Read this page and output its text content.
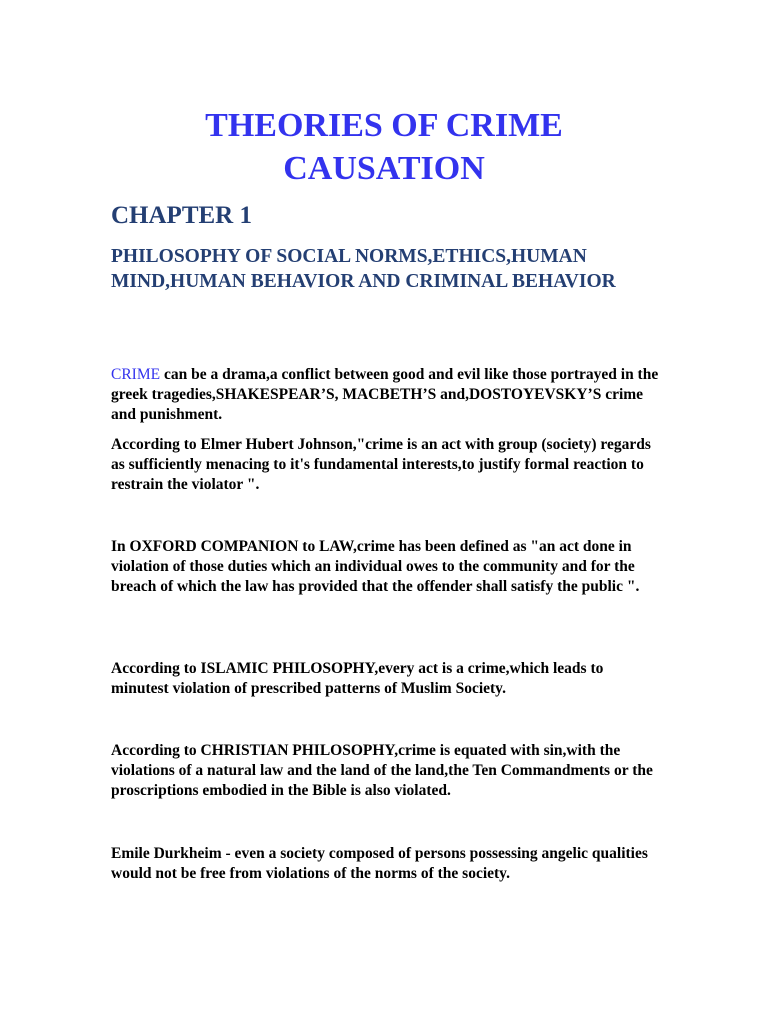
THEORIES OF CRIME CAUSATION
CHAPTER 1
PHILOSOPHY OF SOCIAL NORMS,ETHICS,HUMAN MIND,HUMAN BEHAVIOR AND CRIMINAL BEHAVIOR

CRIME can be a drama,a conflict between good and evil like those portrayed in the greek tragedies,SHAKESPEAR’S, MACBETH’S and,DOSTOYEVSKY’S crime and punishment.

According to Elmer Hubert Johnson,"crime is an act with group (society) regards as sufficiently menacing to it's fundamental interests,to justify formal reaction to restrain the violator ".

In OXFORD COMPANION to LAW,crime has been defined as "an act done in violation of those duties which an individual owes to the community and for the breach of which the law has provided that the offender shall satisfy the public ".

According to ISLAMIC PHILOSOPHY,every act is a crime,which leads to minutest violation of prescribed patterns of Muslim Society.

According to CHRISTIAN PHILOSOPHY,crime is equated with sin,with the violations of a natural law and the land of the land,the Ten Commandments or the proscriptions embodied in the Bible is also violated.

Emile Durkheim - even a society composed of persons possessing angelic qualities would not be free from violations of the norms of the society.
